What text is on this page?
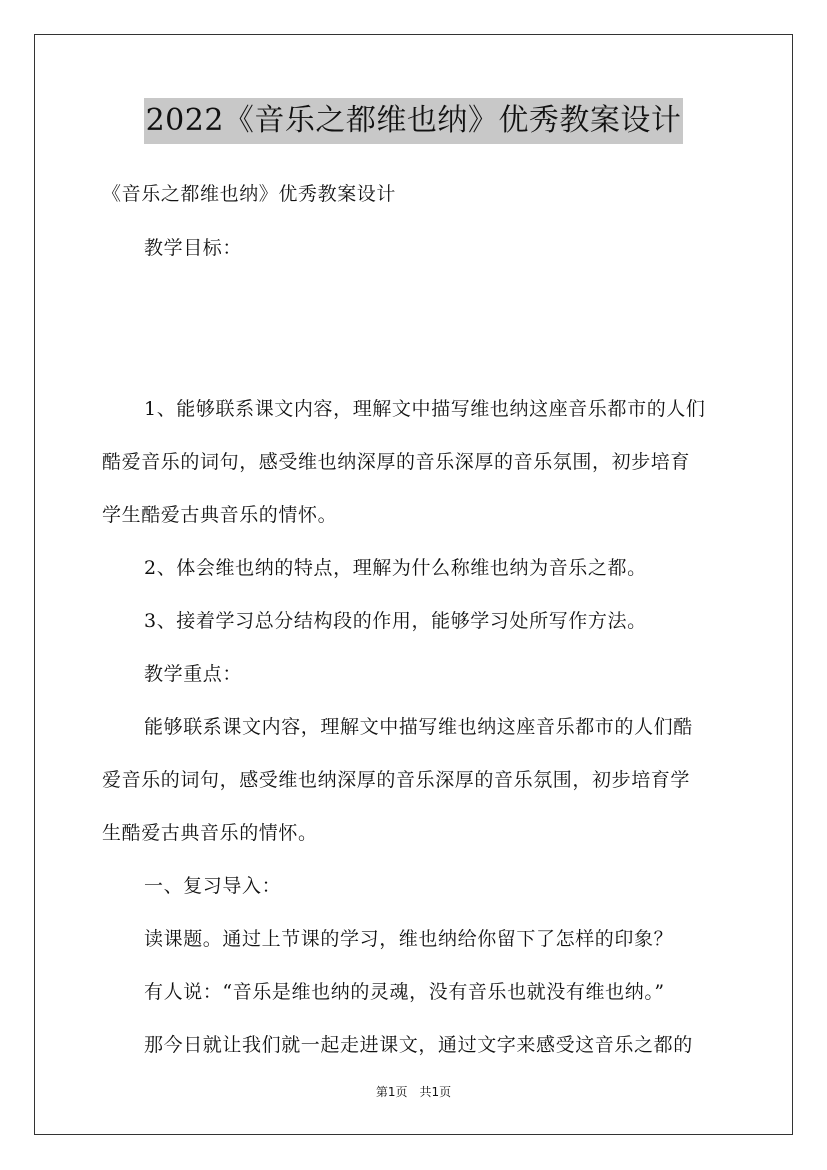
2022《音乐之都维也纳》优秀教案设计
《音乐之都维也纳》优秀教案设计
教学目标：
1、能够联系课文内容，理解文中描写维也纳这座音乐都市的人们
酷爱音乐的词句，感受维也纳深厚的音乐深厚的音乐氛围，初步培育
学生酷爱古典音乐的情怀。
2、体会维也纳的特点，理解为什么称维也纳为音乐之都。
3、接着学习总分结构段的作用，能够学习处所写作方法。
教学重点：
能够联系课文内容，理解文中描写维也纳这座音乐都市的人们酷
爱音乐的词句，感受维也纳深厚的音乐深厚的音乐氛围，初步培育学
生酷爱古典音乐的情怀。
一、复习导入：
读课题。通过上节课的学习，维也纳给你留下了怎样的印象？
有人说：“音乐是维也纳的灵魂，没有音乐也就没有维也纳。”
那今日就让我们就一起走进课文，通过文字来感受这音乐之都的
第1页 共1页
